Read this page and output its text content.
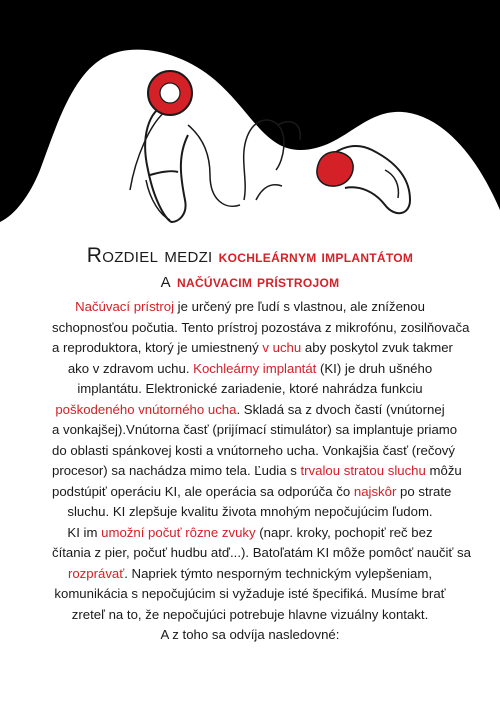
Rozdiel medzi kochleárnym implantátom
a načúvacim prístrojom
Načúvací prístroj je určený pre ľudí s vlastnou, ale zníženou
schopnosťou počutia. Tento prístroj pozostáva z mikrofónu, zosilňovača
a reproduktora, ktorý je umiestnený v uchu aby poskytol zvuk takmer
ako v zdravom uchu. Kochleárny implantát (KI) je druh ušného
implantátu. Elektronické zariadenie, ktoré nahrádza funkciu
poškodeného vnútorného ucha. Skladá sa z dvoch častí (vnútornej
a vonkajšej).Vnútorna časť (prijímací stimulátor) sa implantuje priamo
do oblasti spánkovej kosti a vnútorneho ucha. Vonkajšia časť (rečový
procesor) sa nachádza mimo tela. Ľudia s trvalou stratou sluchu môžu
podstúpiť operáciu KI, ale operácia sa odporúča čo najskôr po strate
sluchu. KI zlepšuje kvalitu života mnohým nepočujúcim ľudom.
KI im umožní počuť rôzne zvuky (napr. kroky, pochopiť reč bez
čítania z pier, počuť hudbu atď...). Batoľatám KI môže pomôcť naučiť sa
rozprávať. Napriek týmto nesporným technickým vylepšeniam,
komunikácia s nepočujúcim si vyžaduje isté špecifiká. Musíme brať
zreteľ na to, že nepočujúci potrebuje hlavne vizuálny kontakt.
A z toho sa odvíja nasledovné:
